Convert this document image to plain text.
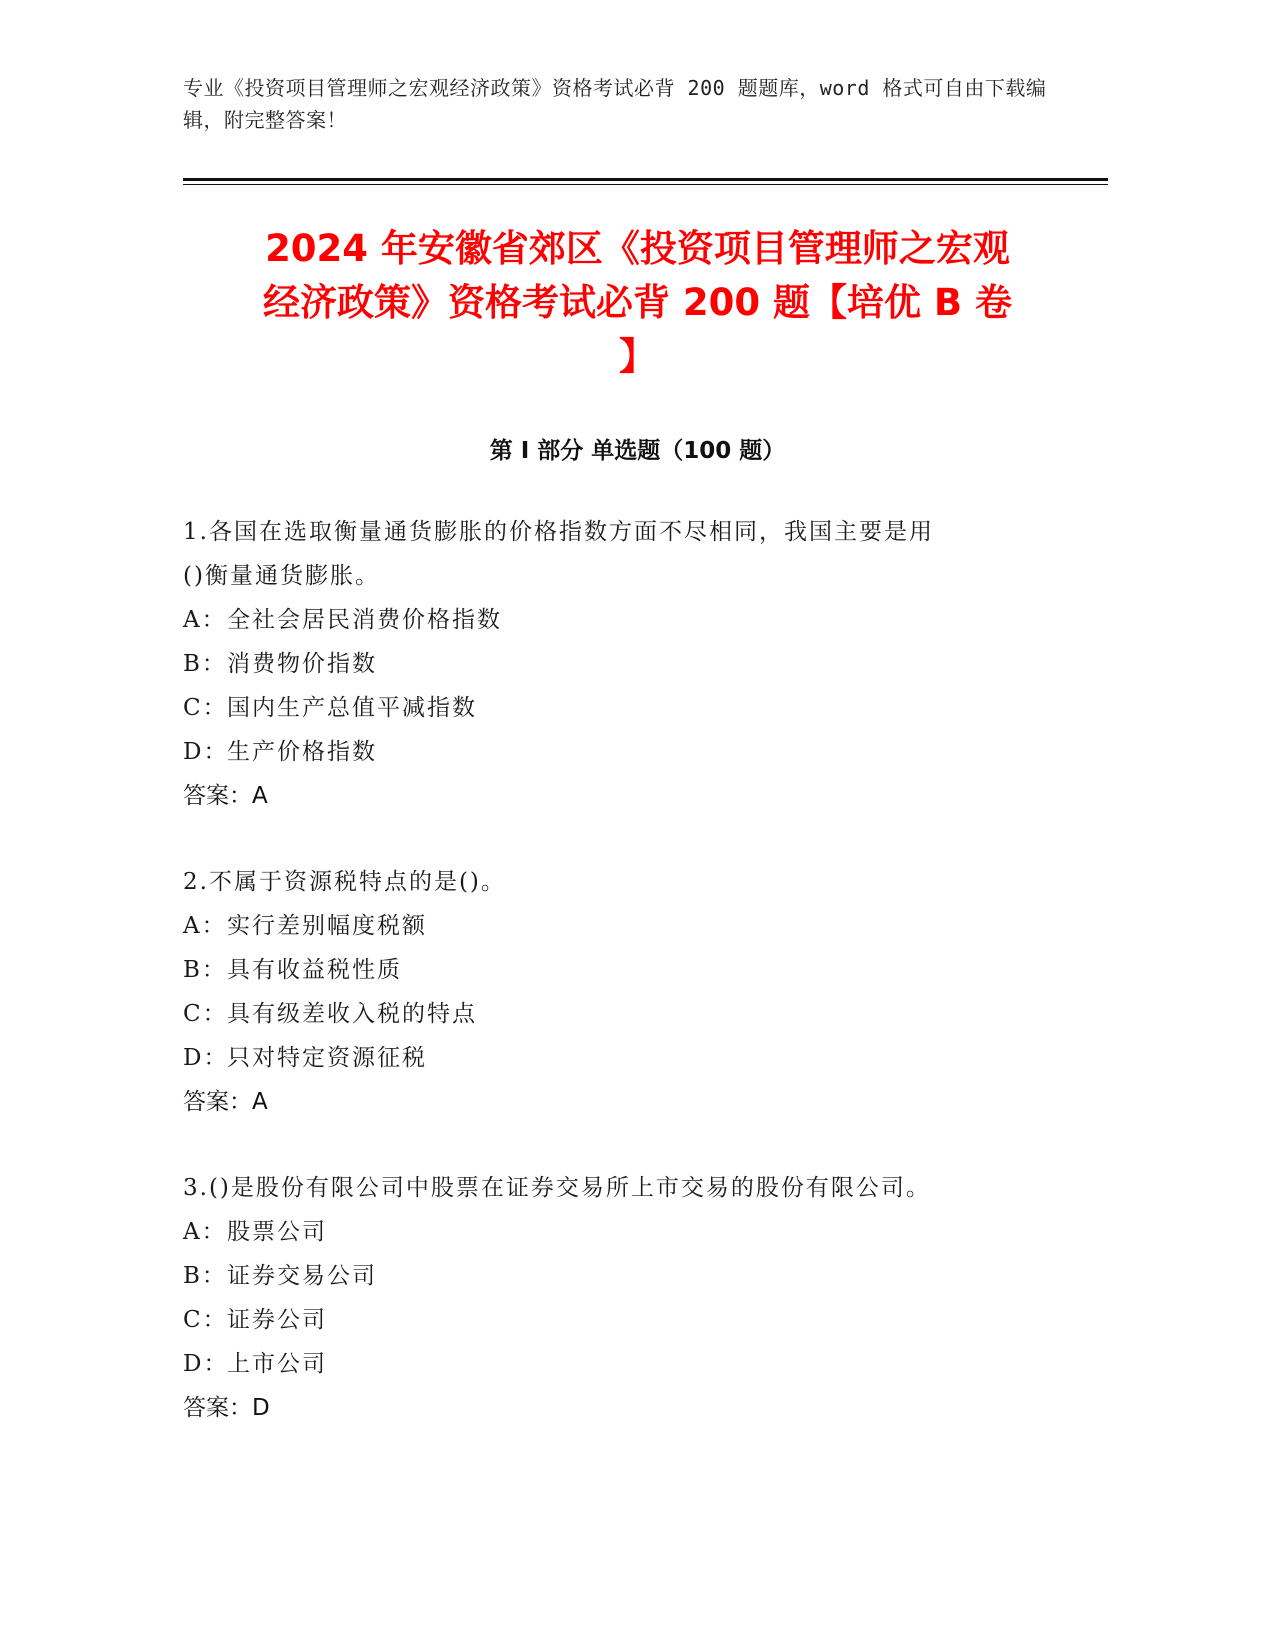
专业《投资项目管理师之宏观经济政策》资格考试必背 200 题题库，word 格式可自由下载编辑，附完整答案！
2024 年安徽省郊区《投资项目管理师之宏观
经济政策》资格考试必背 200 题【培优 B 卷
】
第 I 部分 单选题（100 题）
1.各国在选取衡量通货膨胀的价格指数方面不尽相同，我国主要是用
()衡量通货膨胀。
A：全社会居民消费价格指数
B：消费物价指数
C：国内生产总值平减指数
D：生产价格指数
答案：A
2.不属于资源税特点的是()。
A：实行差别幅度税额
B：具有收益税性质
C：具有级差收入税的特点
D：只对特定资源征税
答案：A
3.()是股份有限公司中股票在证券交易所上市交易的股份有限公司。
A：股票公司
B：证券交易公司
C：证券公司
D：上市公司
答案：D
